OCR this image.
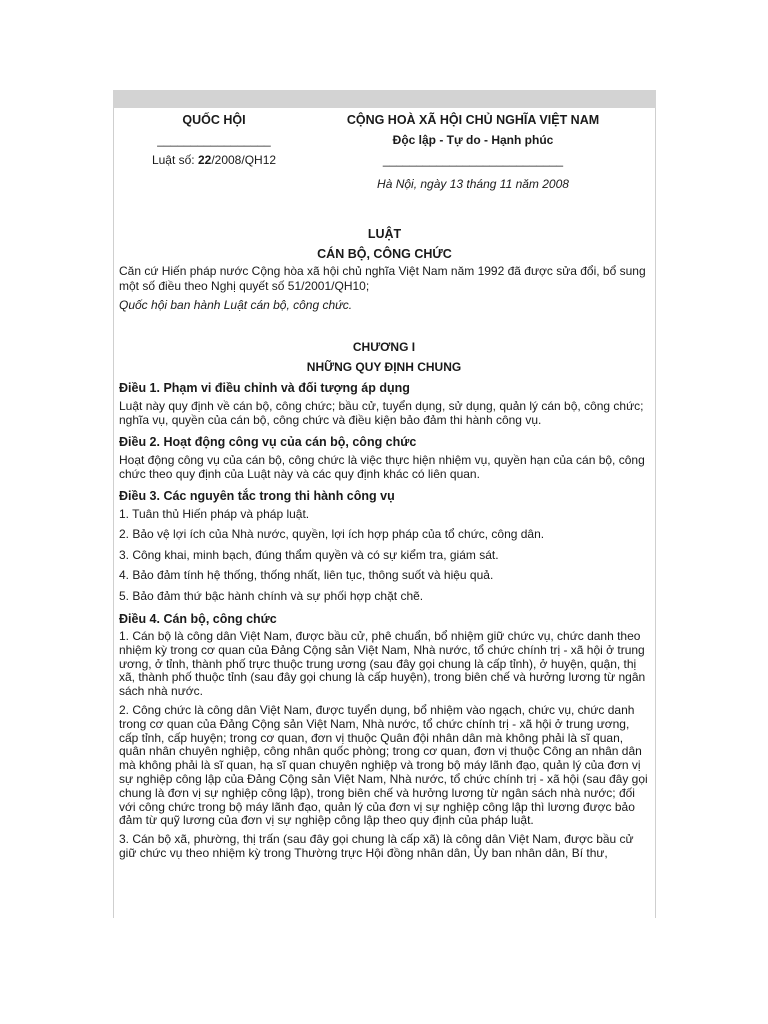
QUỐC HỘI
_________________
Luật số: 22/2008/QH12
CỘNG HOÀ XÃ HỘI CHỦ NGHĨA VIỆT NAM
Độc lập - Tự do - Hạnh phúc
___________________________
Hà Nội, ngày 13 tháng 11 năm 2008
LUẬT
CÁN BỘ, CÔNG CHỨC

Căn cứ Hiến pháp nước Cộng hòa xã hội chủ nghĩa Việt Nam năm 1992 đã được sửa đổi, bổ sung một số điều theo Nghị quyết số 51/2001/QH10;

Quốc hội ban hành Luật cán bộ, công chức.

CHƯƠNG I
NHỮNG QUY ĐỊNH CHUNG
Điều 1. Phạm vi điều chỉnh và đối tượng áp dụng

Luật này quy định về cán bộ, công chức; bầu cử, tuyển dụng, sử dụng, quản lý cán bộ, công chức; nghĩa vụ, quyền của cán bộ, công chức và điều kiện bảo đảm thi hành công vụ.

Điều 2. Hoạt động công vụ của cán bộ, công chức

Hoạt động công vụ của cán bộ, công chức là việc thực hiện nhiệm vụ, quyền hạn của cán bộ, công chức theo quy định của Luật này và các quy định khác có liên quan.

Điều 3. Các nguyên tắc trong thi hành công vụ

1. Tuân thủ Hiến pháp và pháp luật.

2. Bảo vệ lợi ích của Nhà nước, quyền, lợi ích hợp pháp của tổ chức, công dân.

3. Công khai, minh bạch, đúng thẩm quyền và có sự kiểm tra, giám sát.

4. Bảo đảm tính hệ thống, thống nhất, liên tục, thông suốt và hiệu quả.

5. Bảo đảm thứ bậc hành chính và sự phối hợp chặt chẽ.

Điều 4. Cán bộ, công chức

1. Cán bộ là công dân Việt Nam, được bầu cử, phê chuẩn, bổ nhiệm giữ chức vụ, chức danh theo nhiệm kỳ trong cơ quan của Đảng Cộng sản Việt Nam, Nhà nước, tổ chức chính trị - xã hội ở trung ương, ở tỉnh, thành phố trực thuộc trung ương (sau đây gọi chung là cấp tỉnh), ở huyện, quận, thị xã, thành phố thuộc tỉnh (sau đây gọi chung là cấp huyện), trong biên chế và hưởng lương từ ngân sách nhà nước.

2. Công chức là công dân Việt Nam, được tuyển dụng, bổ nhiệm vào ngạch, chức vụ, chức danh trong cơ quan của Đảng Cộng sản Việt Nam, Nhà nước, tổ chức chính trị - xã hội ở trung ương, cấp tỉnh, cấp huyện; trong cơ quan, đơn vị thuộc Quân đội nhân dân mà không phải là sĩ quan, quân nhân chuyên nghiệp, công nhân quốc phòng; trong cơ quan, đơn vị thuộc Công an nhân dân mà không phải là sĩ quan, hạ sĩ quan chuyên nghiệp và trong bộ máy lãnh đạo, quản lý của đơn vị sự nghiệp công lập của Đảng Cộng sản Việt Nam, Nhà nước, tổ chức chính trị - xã hội (sau đây gọi chung là đơn vị sự nghiệp công lập), trong biên chế và hưởng lương từ ngân sách nhà nước; đối với công chức trong bộ máy lãnh đạo, quản lý của đơn vị sự nghiệp công lập thì lương được bảo đảm từ quỹ lương của đơn vị sự nghiệp công lập theo quy định của pháp luật.

3. Cán bộ xã, phường, thị trấn (sau đây gọi chung là cấp xã) là công dân Việt Nam, được bầu cử giữ chức vụ theo nhiệm kỳ trong Thường trực Hội đồng nhân dân, Ủy ban nhân dân, Bí thư,
